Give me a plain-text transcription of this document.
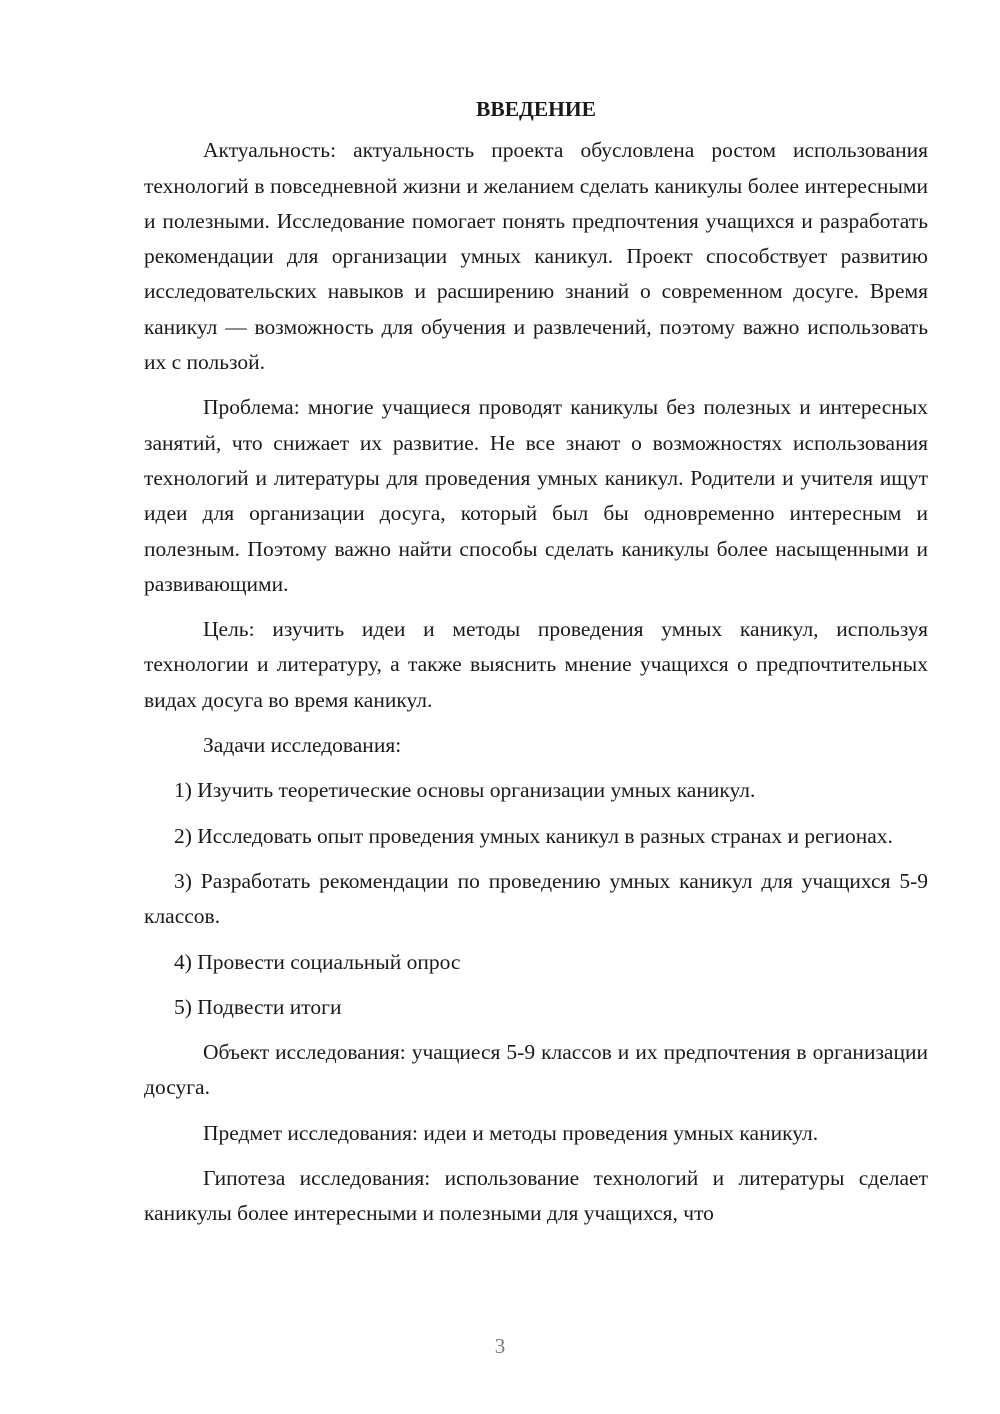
ВВЕДЕНИЕ

Актуальность: актуальность проекта обусловлена ростом использования технологий в повседневной жизни и желанием сделать каникулы более интересными и полезными. Исследование помогает понять предпочтения учащихся и разработать рекомендации для организации умных каникул. Проект способствует развитию исследовательских навыков и расширению знаний о современном досуге. Время каникул — возможность для обучения и развлечений, поэтому важно использовать их с пользой.

Проблема: многие учащиеся проводят каникулы без полезных и интересных занятий, что снижает их развитие. Не все знают о возможностях использования технологий и литературы для проведения умных каникул. Родители и учителя ищут идеи для организации досуга, который был бы одновременно интересным и полезным. Поэтому важно найти способы сделать каникулы более насыщенными и развивающими.

Цель: изучить идеи и методы проведения умных каникул, используя технологии и литературу, а также выяснить мнение учащихся о предпочтительных видах досуга во время каникул.

Задачи исследования:

1) Изучить теоретические основы организации умных каникул.

2) Исследовать опыт проведения умных каникул в разных странах и регионах.

3) Разработать рекомендации по проведению умных каникул для учащихся 5-9 классов.

4) Провести социальный опрос

5) Подвести итоги

Объект исследования: учащиеся 5-9 классов и их предпочтения в организации досуга.

Предмет исследования: идеи и методы проведения умных каникул.

Гипотеза исследования: использование технологий и литературы сделает каникулы более интересными и полезными для учащихся, что

3
